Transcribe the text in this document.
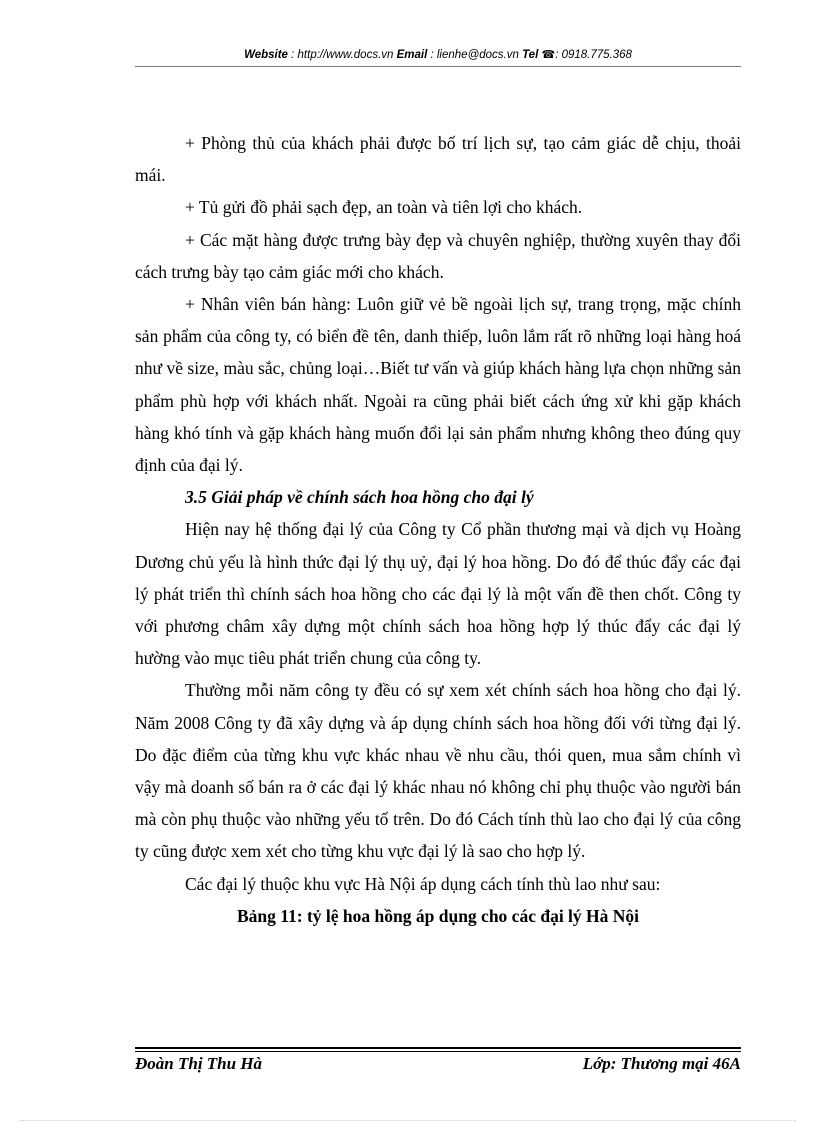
Website : http://www.docs.vn Email : lienhe@docs.vn Tel ☎: 0918.775.368

+ Phòng thủ của khách phải được bố trí lịch sự, tạo cảm giác dễ chịu, thoải mái.

+ Tủ gửi đồ phải sạch đẹp, an toàn và tiên lợi cho khách.

+ Các mặt hàng được trưng bày đẹp và chuyên nghiệp, thường xuyên thay đổi cách trưng bày tạo cảm giác mới cho khách.

+ Nhân viên bán hàng: Luôn giữ vẻ bề ngoài lịch sự, trang trọng, mặc chính sản phẩm của công ty, có biển đề tên, danh thiếp, luôn lắm rất rõ những loại hàng hoá như về size, màu sắc, chủng loại…Biết tư vấn và giúp khách hàng lựa chọn những sản phẩm phù hợp với khách nhất. Ngoài ra cũng phải biết cách ứng xử khi gặp khách hàng khó tính và gặp khách hàng muốn đổi lại sản phẩm nhưng không theo đúng quy định của đại lý.

3.5 Giải pháp về chính sách hoa hồng cho đại lý

Hiện nay hệ thống đại lý của Công ty Cổ phần thương mại và dịch vụ Hoàng Dương chủ yếu là hình thức đại lý thụ uỷ, đại lý hoa hồng. Do đó để thúc đẩy các đại lý phát triển thì chính sách hoa hồng cho các đại lý là một vấn đề then chốt. Công ty với phương châm xây dựng một chính sách hoa hồng hợp lý thúc đẩy các đại lý hường vào mục tiêu phát triển chung của công ty.

Thường mỗi năm công ty đều có sự xem xét chính sách hoa hồng cho đại lý. Năm 2008 Công ty đã xây dựng và áp dụng chính sách hoa hồng đối với từng đại lý. Do đặc điểm của từng khu vực khác nhau về nhu cầu, thói quen, mua sắm chính vì vậy mà doanh số bán ra ở các đại lý khác nhau nó không chỉ phụ thuộc vào người bán mà còn phụ thuộc vào những yếu tố trên. Do đó Cách tính thù lao cho đại lý của công ty cũng được xem xét cho từng khu vực đại lý là sao cho hợp lý.

Các đại lý thuộc khu vực Hà Nội áp dụng cách tính thù lao như sau:

Bảng 11: tỷ lệ hoa hồng áp dụng cho các đại lý Hà Nội

Đoàn Thị Thu Hà	Lớp: Thương mại 46A
